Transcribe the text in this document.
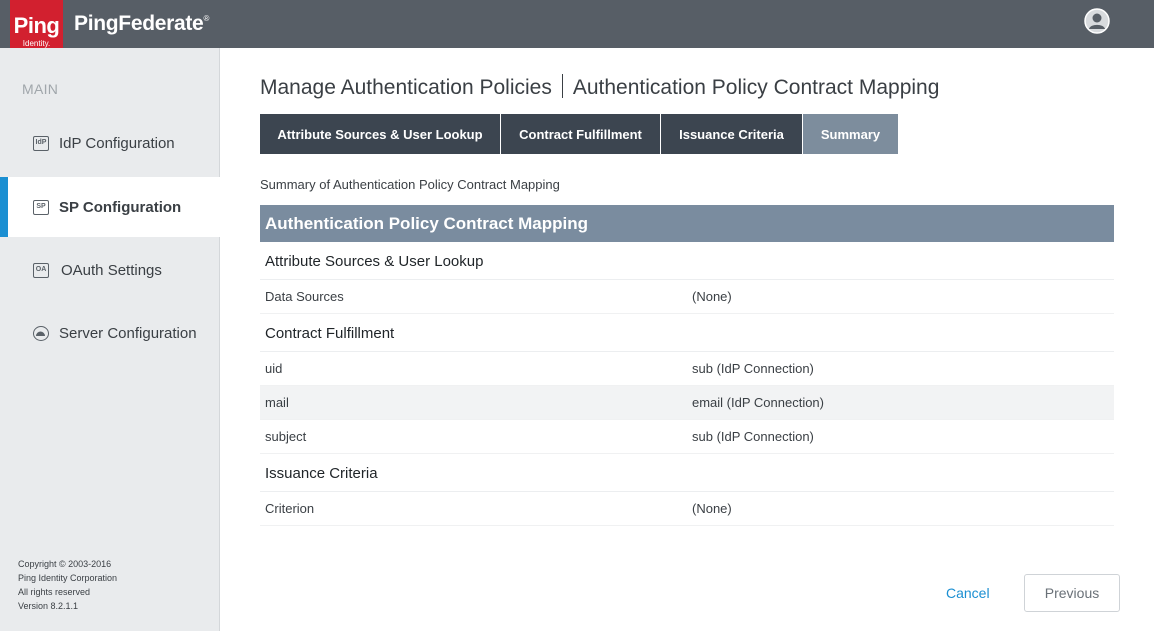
Ping
Identity.
PingFederate®
MAIN
IdP IdP Configuration
SP SP Configuration
OA OAuth Settings
Server Configuration
Copyright © 2003-2016
Ping Identity Corporation
All rights reserved
Version 8.2.1.1
Manage Authentication Policies Authentication Policy Contract Mapping
Attribute Sources & User Lookup	Contract Fulfillment	Issuance Criteria	Summary
Summary of Authentication Policy Contract Mapping
Authentication Policy Contract Mapping
Attribute Sources & User Lookup
Data Sources	(None)
Contract Fulfillment
uid	sub (IdP Connection)
mail	email (IdP Connection)
subject	sub (IdP Connection)
Issuance Criteria
Criterion	(None)
Cancel	Previous
